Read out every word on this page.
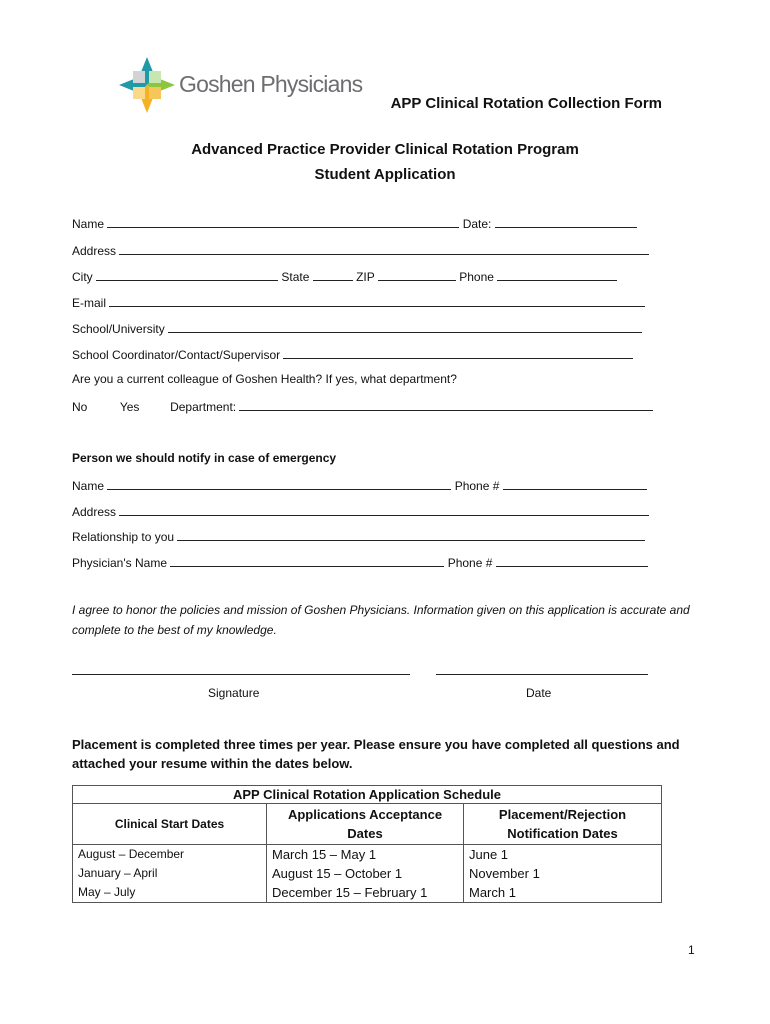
Goshen Physicians
APP Clinical Rotation Collection Form
Advanced Practice Provider Clinical Rotation Program
Student Application
Name	Date:
Address
City	State	ZIP	Phone
E-mail
School/University
School Coordinator/Contact/Supervisor
Are you a current colleague of Goshen Health? If yes, what department?
No	Yes	Department:
Person we should notify in case of emergency
Name	Phone #
Address
Relationship to you
Physician's Name	Phone #
I agree to honor the policies and mission of Goshen Physicians. Information given on this application is accurate and complete to the best of my knowledge.
Signature	Date
Placement is completed three times per year. Please ensure you have completed all questions and attached your resume within the dates below.
APP Clinical Rotation Application Schedule		
Clinical Start Dates	Applications Acceptance Dates	Placement/Rejection Notification Dates
August – December	March 15 – May 1	June 1
January – April	August 15 – October 1	November 1
May – July	December 15 – February 1	March 1
1
